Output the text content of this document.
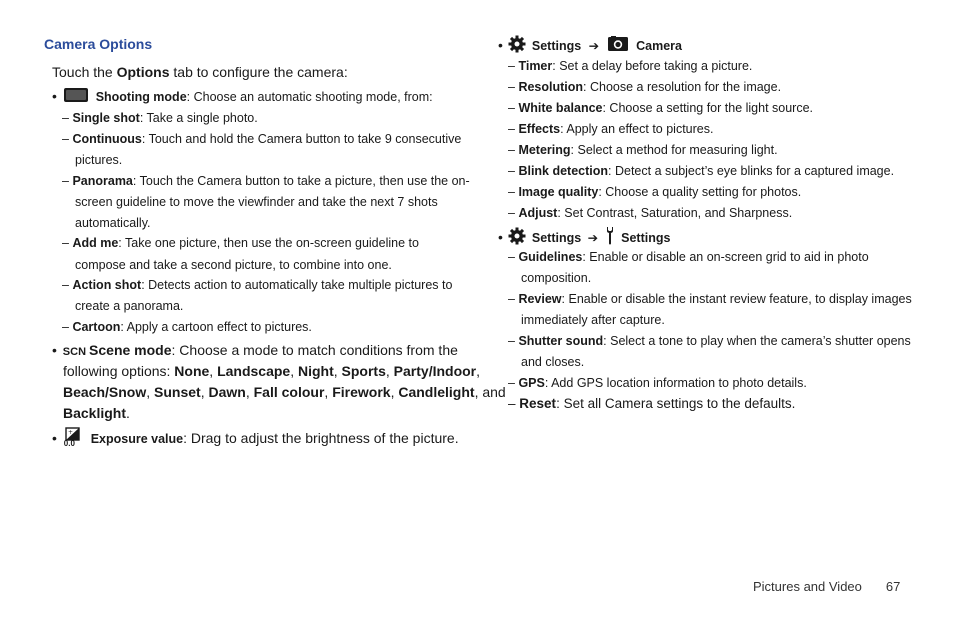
Camera Options
Touch the Options tab to configure the camera:
•	Shooting mode: Choose an automatic shooting mode, from:
– Single shot: Take a single photo.
– Continuous: Touch and hold the Camera button to take 9 consecutive
pictures.
– Panorama: Touch the Camera button to take a picture, then use the on-
screen guideline to move the viewfinder and take the next 7 shots
automatically.
– Add me: Take one picture, then use the on-screen guideline to
compose and take a second picture, to combine into one.
– Action shot: Detects action to automatically take multiple pictures to
create a panorama.
– Cartoon: Apply a cartoon effect to pictures.
• SCN Scene mode: Choose a mode to match conditions from the
following options: None, Landscape, Night, Sports, Party/Indoor,
Beach/Snow, Sunset, Dawn, Fall colour, Firework, Candlelight, and
Backlight.
• +
0.0 Exposure value: Drag to adjust the brightness of the picture.
• Settings ➔	Camera
– Timer: Set a delay before taking a picture.
– Resolution: Choose a resolution for the image.
– White balance: Choose a setting for the light source.
– Effects: Apply an effect to pictures.
– Metering: Select a method for measuring light.
– Blink detection: Detect a subject’s eye blinks for a captured image.
– Image quality: Choose a quality setting for photos.
– Adjust: Set Contrast, Saturation, and Sharpness.
• Settings ➔ Settings
– Guidelines: Enable or disable an on-screen grid to aid in photo
composition.
– Review: Enable or disable the instant review feature, to display images
immediately after capture.
– Shutter sound: Select a tone to play when the camera’s shutter opens
and closes.
– GPS: Add GPS location information to photo details.
– Reset: Set all Camera settings to the defaults.
Pictures and Video 67
